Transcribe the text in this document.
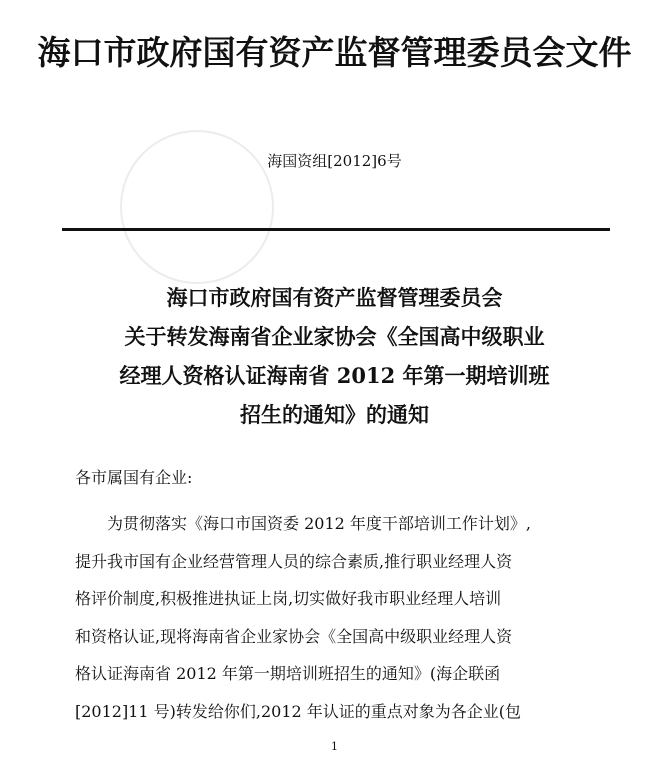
海口市政府国有资产监督管理委员会文件
海国资组[2012]6号
海口市政府国有资产监督管理委员会
关于转发海南省企业家协会《全国高中级职业
经理人资格认证海南省 2012 年第一期培训班
招生的通知》的通知
各市属国有企业:
为贯彻落实《海口市国资委 2012 年度干部培训工作计划》,
提升我市国有企业经营管理人员的综合素质,推行职业经理人资
格评价制度,积极推进执证上岗,切实做好我市职业经理人培训
和资格认证,现将海南省企业家协会《全国高中级职业经理人资
格认证海南省 2012 年第一期培训班招生的通知》(海企联函
[2012]11 号)转发给你们,2012 年认证的重点对象为各企业(包
1
